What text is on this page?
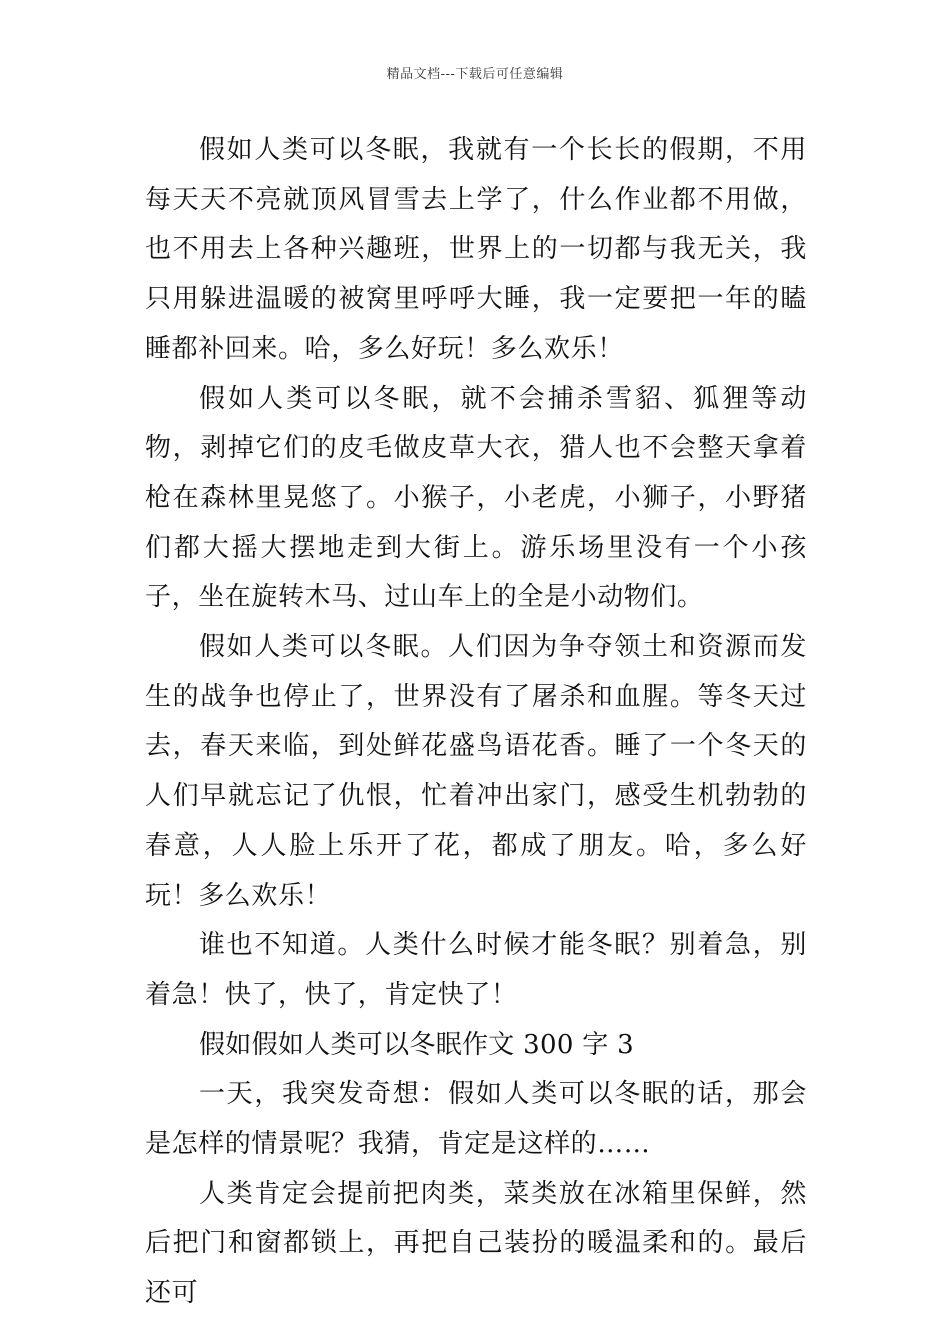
精品文档---下载后可任意编辑

假如人类可以冬眠，我就有一个长长的假期，不用每天天不亮就顶风冒雪去上学了，什么作业都不用做，也不用去上各种兴趣班，世界上的一切都与我无关，我只用躲进温暖的被窝里呼呼大睡，我一定要把一年的瞌睡都补回来。哈，多么好玩！多么欢乐！

假如人类可以冬眠，就不会捕杀雪貂、狐狸等动物，剥掉它们的皮毛做皮草大衣，猎人也不会整天拿着枪在森林里晃悠了。小猴子，小老虎，小狮子，小野猪们都大摇大摆地走到大街上。游乐场里没有一个小孩子，坐在旋转木马、过山车上的全是小动物们。

假如人类可以冬眠。人们因为争夺领土和资源而发生的战争也停止了，世界没有了屠杀和血腥。等冬天过去，春天来临，到处鲜花盛鸟语花香。睡了一个冬天的人们早就忘记了仇恨，忙着冲出家门，感受生机勃勃的春意，人人脸上乐开了花，都成了朋友。哈，多么好玩！多么欢乐！

谁也不知道。人类什么时候才能冬眠？别着急，别着急！快了，快了，肯定快了！

假如假如人类可以冬眠作文 300 字 3

一天，我突发奇想：假如人类可以冬眠的话，那会是怎样的情景呢？我猜，肯定是这样的……

人类肯定会提前把肉类，菜类放在冰箱里保鲜，然后把门和窗都锁上，再把自己装扮的暖温柔和的。最后还可
